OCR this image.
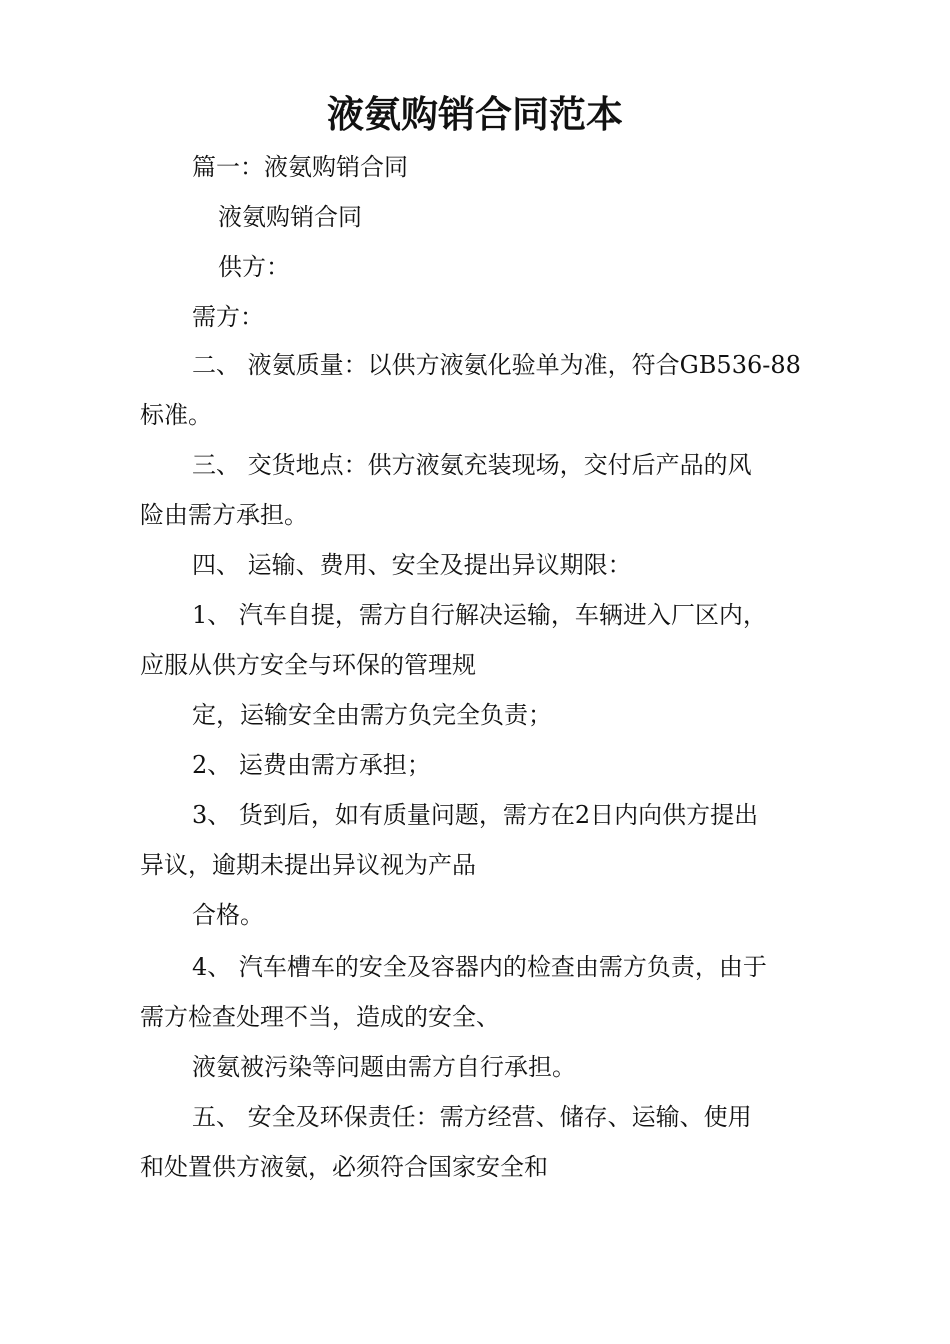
液氨购销合同范本

篇一：液氨购销合同

液氨购销合同

供方：

需方：

二、 液氨质量：以供方液氨化验单为准，符合GB536-88

标准。

三、 交货地点：供方液氨充装现场，交付后产品的风

险由需方承担。

四、 运输、费用、安全及提出异议期限：

1、 汽车自提，需方自行解决运输，车辆进入厂区内，

应服从供方安全与环保的管理规

定，运输安全由需方负完全负责；

2、 运费由需方承担；

3、 货到后，如有质量问题，需方在2日内向供方提出

异议，逾期未提出异议视为产品

合格。

4、 汽车槽车的安全及容器内的检查由需方负责，由于

需方检查处理不当，造成的安全、

液氨被污染等问题由需方自行承担。

五、 安全及环保责任：需方经营、储存、运输、使用

和处置供方液氨，必须符合国家安全和
